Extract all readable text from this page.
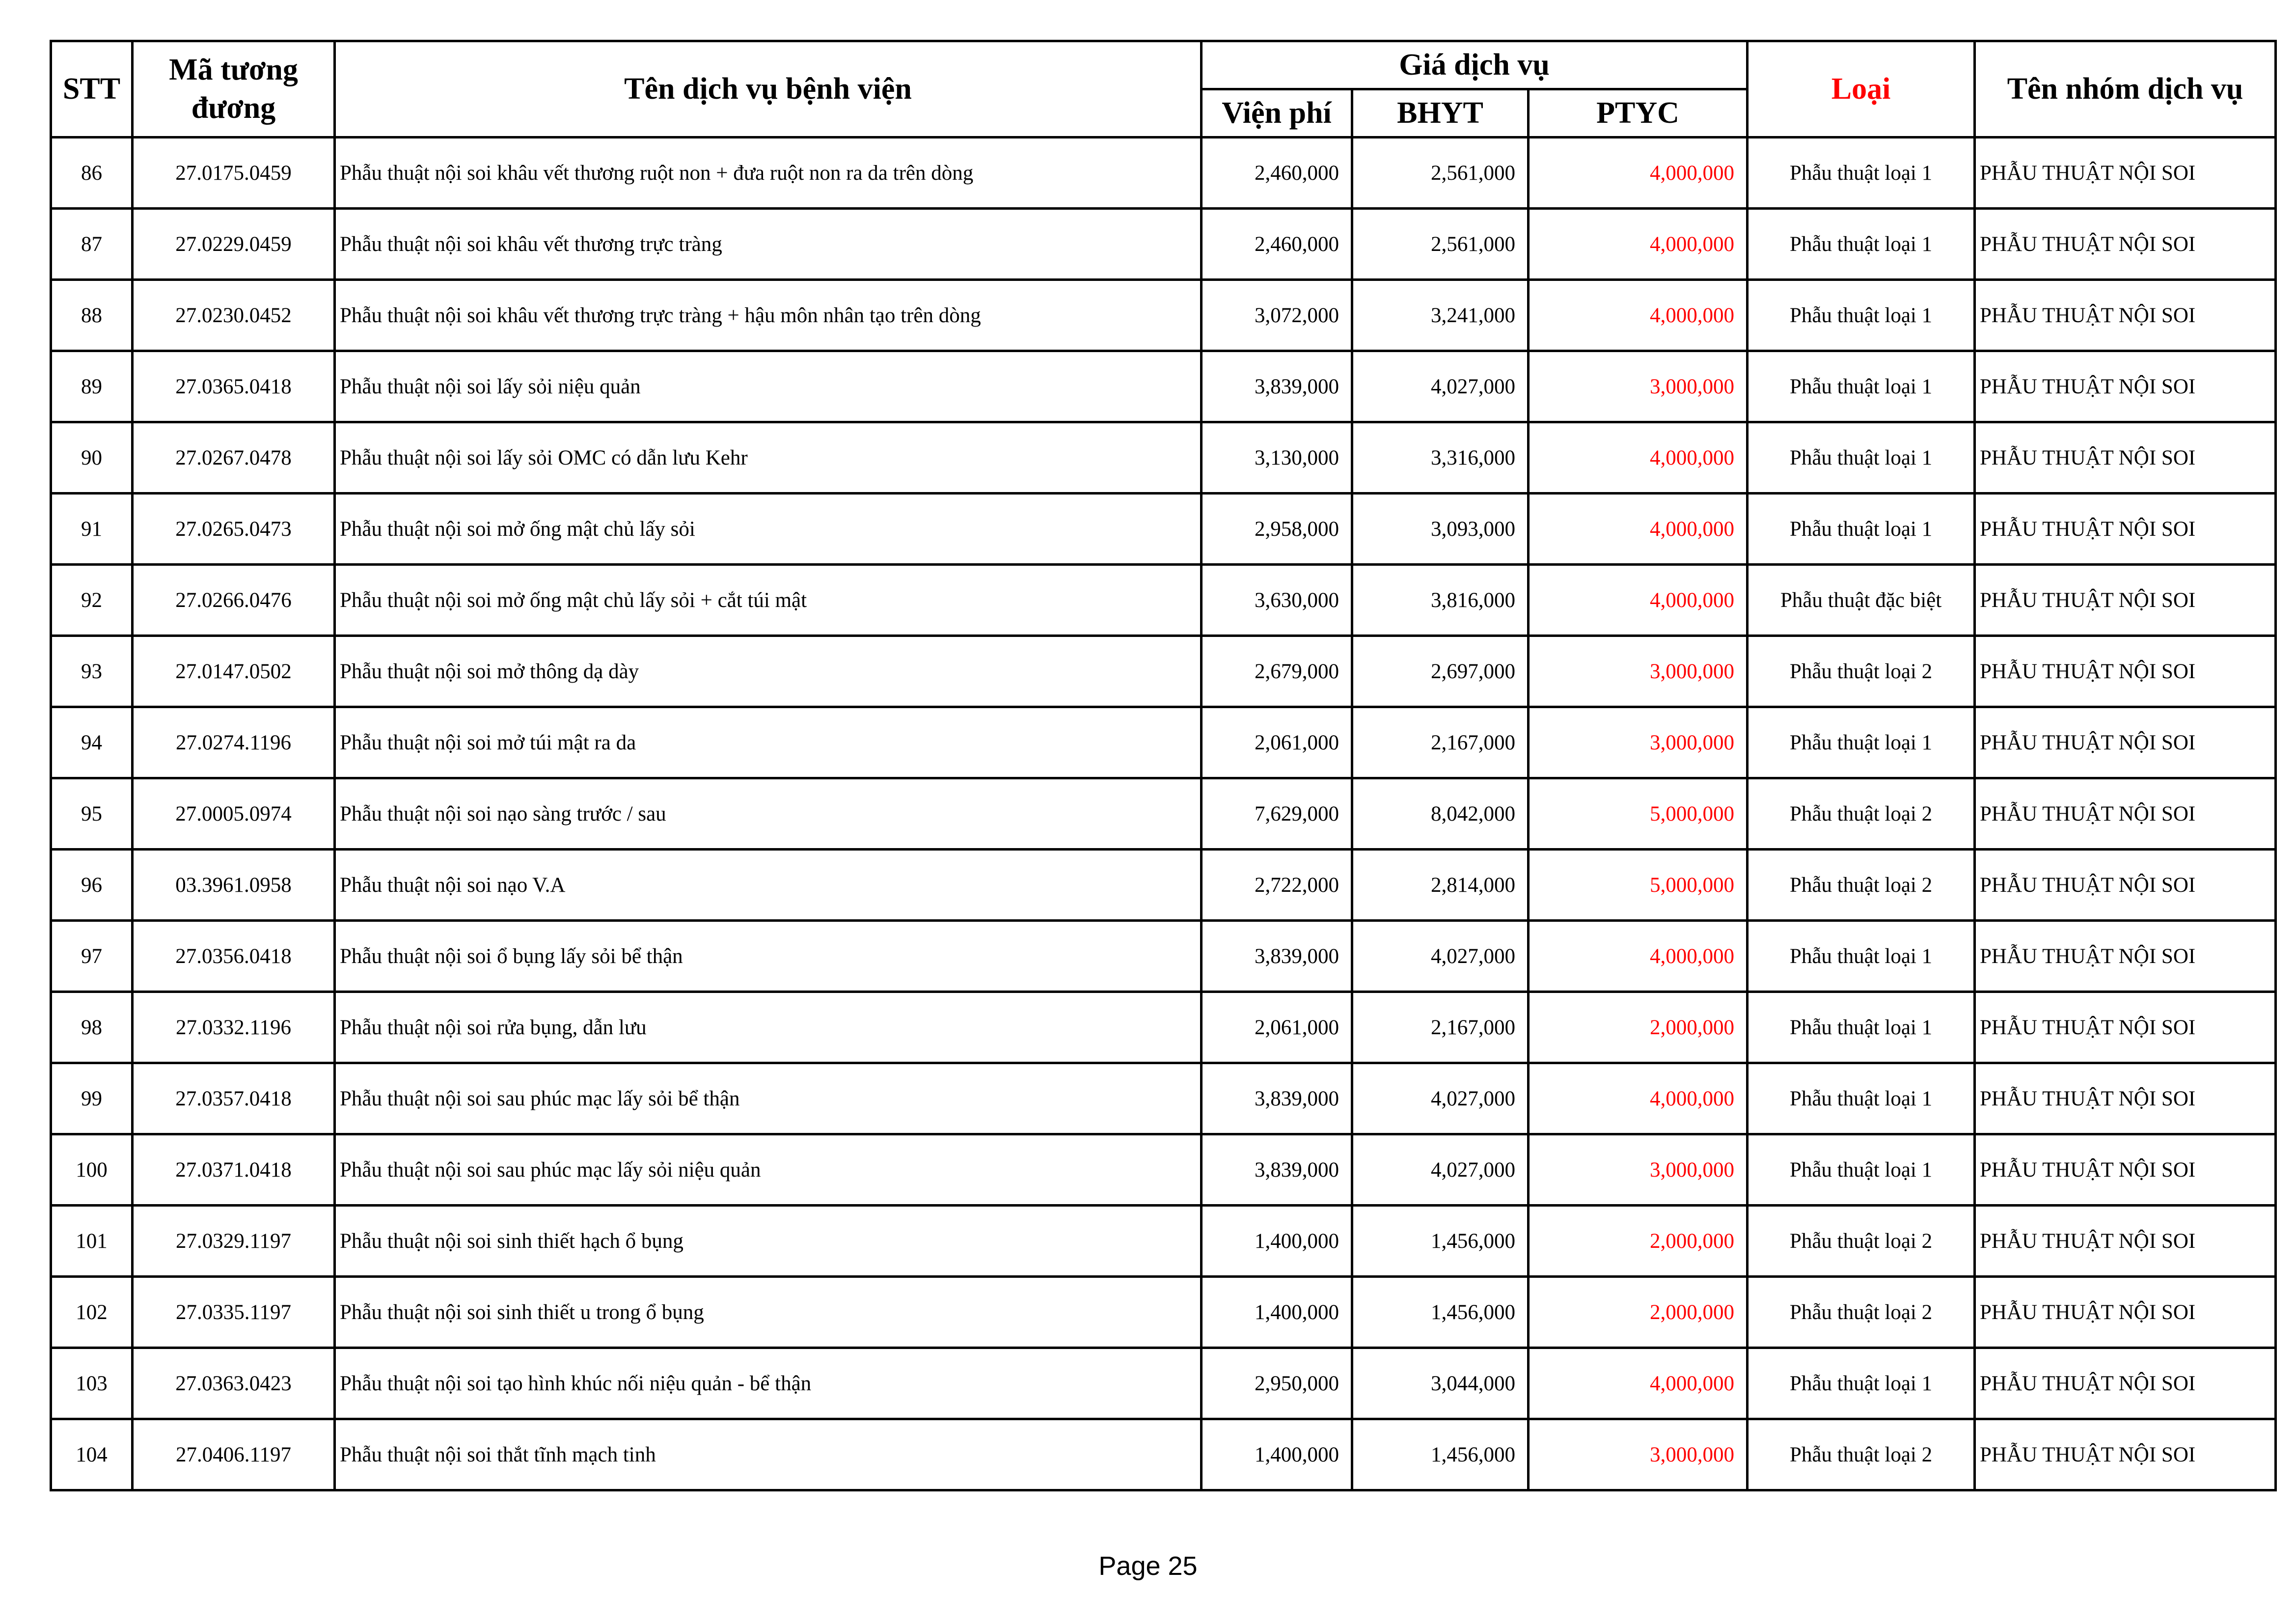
STT	Mã tương đương	Tên dịch vụ bệnh viện	Giá dịch vụ			Loại	Tên nhóm dịch vụ
			Viện phí	BHYT	PTYC		
86	27.0175.0459	Phẫu thuật nội soi khâu vết thương ruột non + đưa ruột non ra da trên dòng	2,460,000	2,561,000	4,000,000	Phẫu thuật loại 1	PHẪU THUẬT NỘI SOI
87	27.0229.0459	Phẫu thuật nội soi khâu vết thương trực tràng	2,460,000	2,561,000	4,000,000	Phẫu thuật loại 1	PHẪU THUẬT NỘI SOI
88	27.0230.0452	Phẫu thuật nội soi khâu vết thương trực tràng + hậu môn nhân tạo trên dòng	3,072,000	3,241,000	4,000,000	Phẫu thuật loại 1	PHẪU THUẬT NỘI SOI
89	27.0365.0418	Phẫu thuật nội soi lấy sỏi niệu quản	3,839,000	4,027,000	3,000,000	Phẫu thuật loại 1	PHẪU THUẬT NỘI SOI
90	27.0267.0478	Phẫu thuật nội soi lấy sỏi OMC có dẫn lưu Kehr	3,130,000	3,316,000	4,000,000	Phẫu thuật loại 1	PHẪU THUẬT NỘI SOI
91	27.0265.0473	Phẫu thuật nội soi mở ống mật chủ lấy sỏi	2,958,000	3,093,000	4,000,000	Phẫu thuật loại 1	PHẪU THUẬT NỘI SOI
92	27.0266.0476	Phẫu thuật nội soi mở ống mật chủ lấy sỏi + cắt túi mật	3,630,000	3,816,000	4,000,000	Phẫu thuật đặc biệt	PHẪU THUẬT NỘI SOI
93	27.0147.0502	Phẫu thuật nội soi mở thông dạ dày	2,679,000	2,697,000	3,000,000	Phẫu thuật loại 2	PHẪU THUẬT NỘI SOI
94	27.0274.1196	Phẫu thuật nội soi mở túi mật ra da	2,061,000	2,167,000	3,000,000	Phẫu thuật loại 1	PHẪU THUẬT NỘI SOI
95	27.0005.0974	Phẫu thuật nội soi nạo sàng trước / sau	7,629,000	8,042,000	5,000,000	Phẫu thuật loại 2	PHẪU THUẬT NỘI SOI
96	03.3961.0958	Phẫu thuật nội soi nạo V.A	2,722,000	2,814,000	5,000,000	Phẫu thuật loại 2	PHẪU THUẬT NỘI SOI
97	27.0356.0418	Phẫu thuật nội soi ổ bụng lấy sỏi bể thận	3,839,000	4,027,000	4,000,000	Phẫu thuật loại 1	PHẪU THUẬT NỘI SOI
98	27.0332.1196	Phẫu thuật nội soi rửa bụng, dẫn lưu	2,061,000	2,167,000	2,000,000	Phẫu thuật loại 1	PHẪU THUẬT NỘI SOI
99	27.0357.0418	Phẫu thuật nội soi sau phúc mạc lấy sỏi bể thận	3,839,000	4,027,000	4,000,000	Phẫu thuật loại 1	PHẪU THUẬT NỘI SOI
100	27.0371.0418	Phẫu thuật nội soi sau phúc mạc lấy sỏi niệu quản	3,839,000	4,027,000	3,000,000	Phẫu thuật loại 1	PHẪU THUẬT NỘI SOI
101	27.0329.1197	Phẫu thuật nội soi sinh thiết hạch ổ bụng	1,400,000	1,456,000	2,000,000	Phẫu thuật loại 2	PHẪU THUẬT NỘI SOI
102	27.0335.1197	Phẫu thuật nội soi sinh thiết u trong ổ bụng	1,400,000	1,456,000	2,000,000	Phẫu thuật loại 2	PHẪU THUẬT NỘI SOI
103	27.0363.0423	Phẫu thuật nội soi tạo hình khúc nối niệu quản - bể thận	2,950,000	3,044,000	4,000,000	Phẫu thuật loại 1	PHẪU THUẬT NỘI SOI
104	27.0406.1197	Phẫu thuật nội soi thắt tĩnh mạch tinh	1,400,000	1,456,000	3,000,000	Phẫu thuật loại 2	PHẪU THUẬT NỘI SOI
Page 25
